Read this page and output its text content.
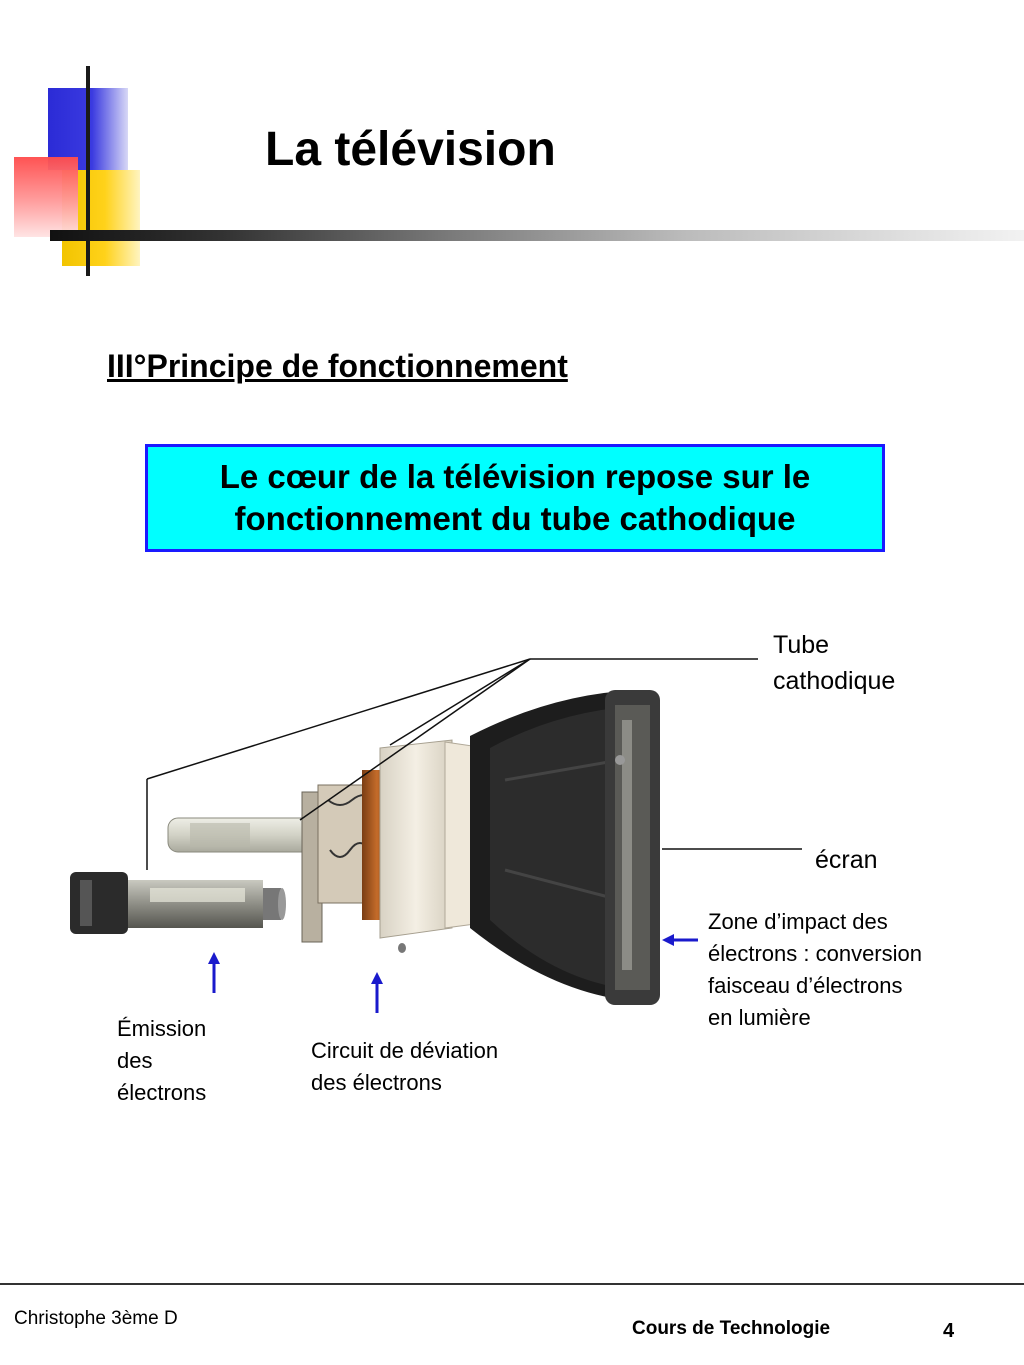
La télévision
III°Principe de fonctionnement
Le cœur de la télévision repose sur le
fonctionnement du tube cathodique
Tube
cathodique
écran
Zone d’impact des
électrons : conversion
faisceau d’électrons
en lumière
Émission
des
électrons
Circuit de déviation
des électrons
Christophe 3ème D	Cours de Technologie	4
